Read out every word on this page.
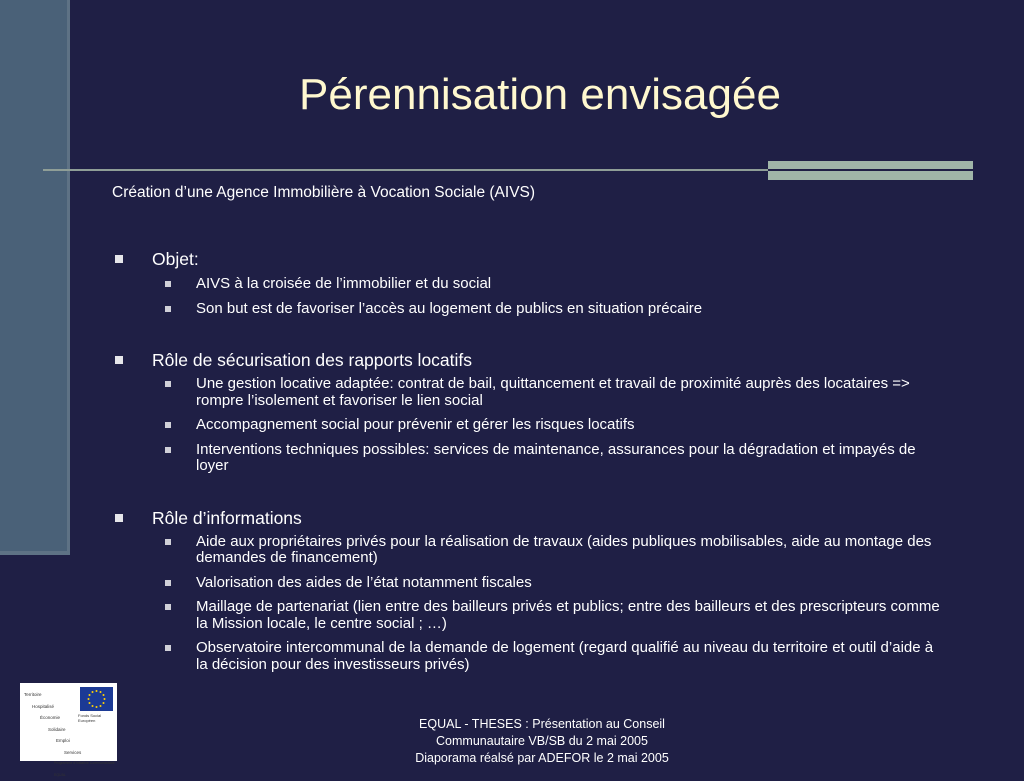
Pérennisation envisagée

Création d’une Agence Immobilière à Vocation Sociale (AIVS)

Objet:
AIVS à la croisée de l’immobilier et du social
Son but est de favoriser l’accès au logement de publics en situation précaire
Rôle de sécurisation des rapports locatifs
Une gestion locative adaptée: contrat de bail, quittancement et travail de proximité auprès des locataires => rompre l’isolement et favoriser le lien social
Accompagnement social pour prévenir et gérer les risques locatifs
Interventions techniques possibles: services de maintenance, assurances pour la dégradation et impayés de loyer
Rôle d’informations
Aide aux propriétaires privés pour la réalisation de travaux (aides publiques mobilisables, aide au montage des demandes de financement)
Valorisation des aides de l’état notamment fiscales
Maillage de partenariat (lien entre des bailleurs privés et publics; entre des bailleurs et des prescripteurs comme la Mission locale, le centre social ; …)
Observatoire intercommunal de la demande de logement (regard qualifié au niveau du territoire et outil d’aide à la décision pour des investisseurs privés)
Territoire
Hospitalisé
Économie
Solidaire
Emploi
Services
Programme d’Initiative Communautaire EQUAL
Fonds Social Européen	EQUAL - THESES : Présentation au Conseil
Communautaire VB/SB du 2 mai 2005
Diaporama réalsé par ADEFOR le 2 mai 2005
